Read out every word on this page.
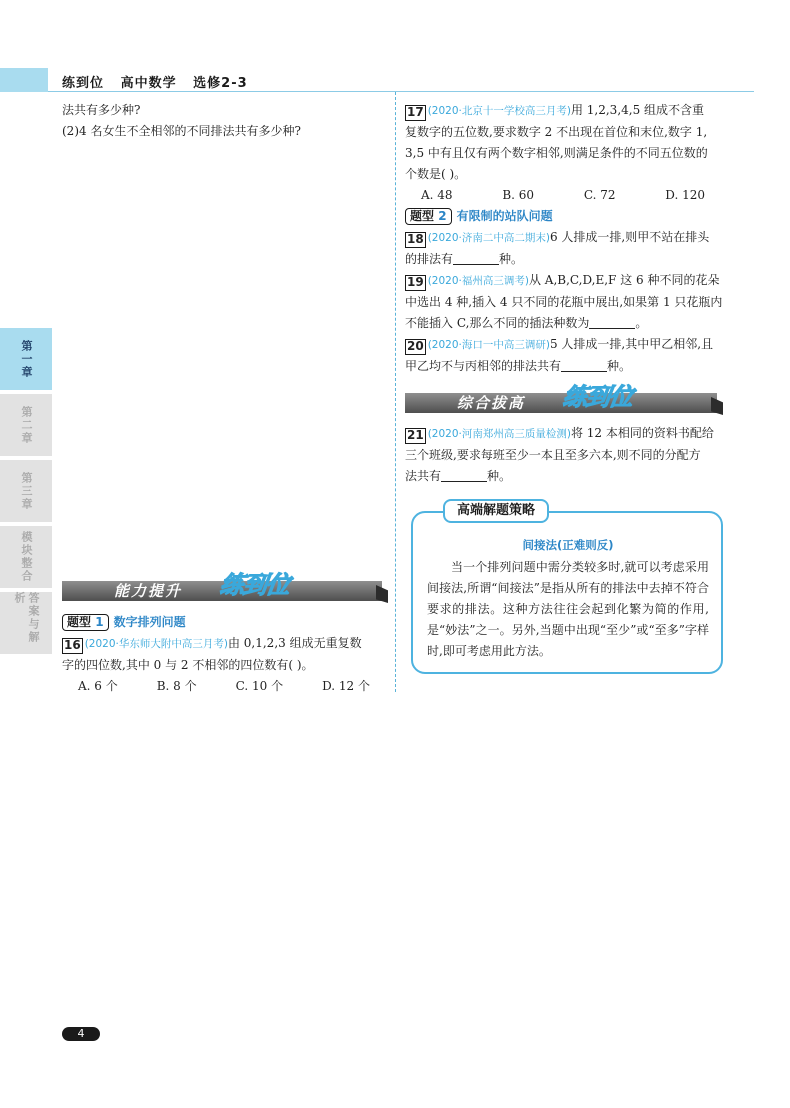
练到位   高中数学   选修2-3
第一章
第二章
第三章
模块整合
答案与解析

法共有多少种?

(2)4 名女生不全相邻的不同排法共有多少种?

能力提升 练到位
题型 1 数字排列问题

16 (2020·华东师大附中高三月考)由 0,1,2,3 组成无重复数

字的四位数,其中 0 与 2 不相邻的四位数有( )。

A. 6 个	B. 8 个	C. 10 个	D. 12 个

17 (2020·北京十一学校高三月考)用 1,2,3,4,5 组成不含重

复数字的五位数,要求数字 2 不出现在首位和末位,数字 1,

3,5 中有且仅有两个数字相邻,则满足条件的不同五位数的

个数是( )。

A. 48	B. 60	C. 72	D. 120
题型 2 有限制的站队问题

18 (2020·济南二中高二期末)6 人排成一排,则甲不站在排头

的排法有	种。

19 (2020·福州高三调考)从 A,B,C,D,E,F 这 6 种不同的花朵

中选出 4 种,插入 4 只不同的花瓶中展出,如果第 1 只花瓶内

不能插入 C,那么不同的插法种数为	。

20 (2020·海口一中高三调研)5 人排成一排,其中甲乙相邻,且

甲乙均不与丙相邻的排法共有	种。

综合拔高 练到位

21 (2020·河南郑州高三质量检测)将 12 本相同的资料书配给

三个班级,要求每班至少一本且至多六本,则不同的分配方

法共有	种。

高端解题策略
间接法(正难则反)

当一个排列问题中需分类较多时,就可以考虑采用间接法,所谓“间接法”是指从所有的排法中去掉不符合要求的排法。这种方法往往会起到化繁为简的作用,是“妙法”之一。另外,当题中出现“至少”或“至多”字样时,即可考虑用此方法。

4
